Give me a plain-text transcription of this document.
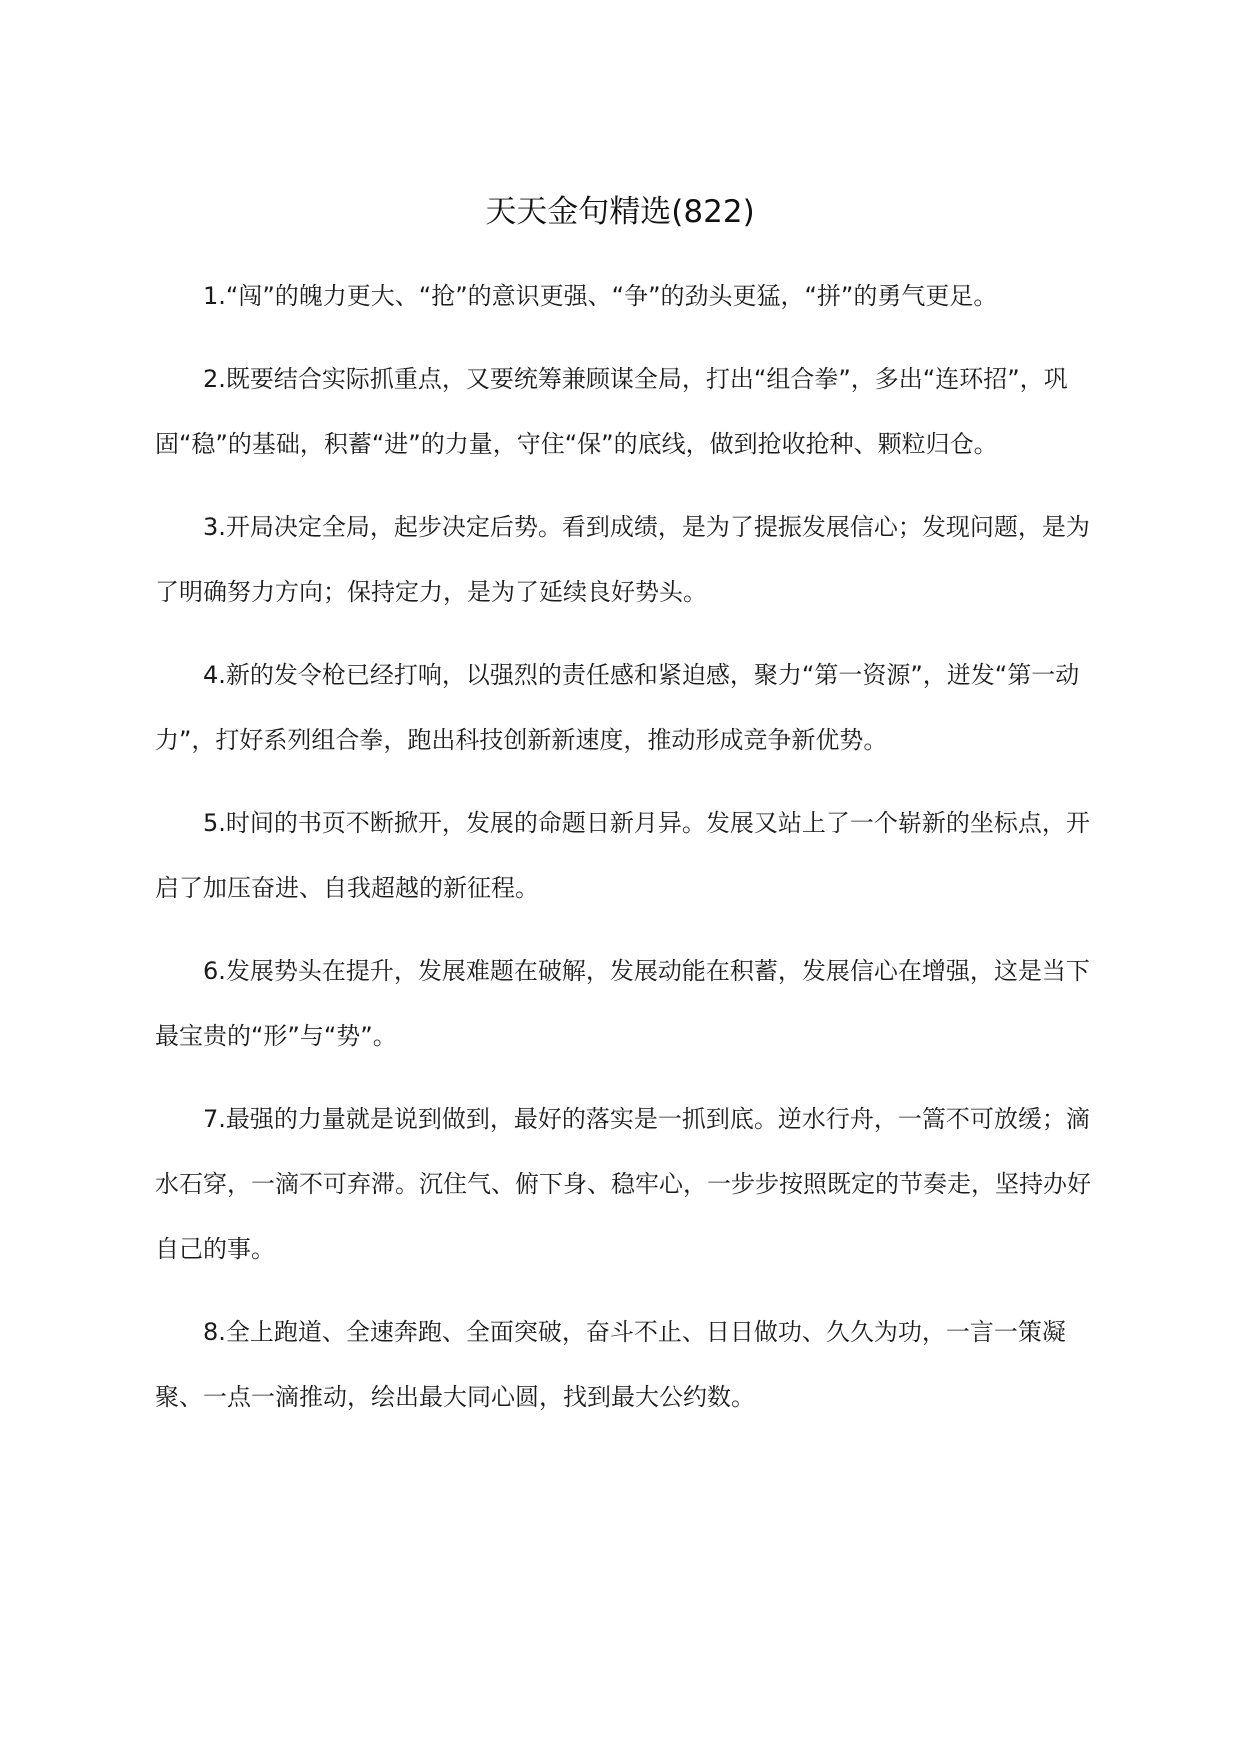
天天金句精选(822)

1.“闯”的魄力更大、“抢”的意识更强、“争”的劲头更猛，“拼”的勇气更足。

2.既要结合实际抓重点，又要统筹兼顾谋全局，打出“组合拳”，多出“连环招”，巩固“稳”的基础，积蓄“进”的力量，守住“保”的底线，做到抢收抢种、颗粒归仓。

3.开局决定全局，起步决定后势。看到成绩，是为了提振发展信心；发现问题，是为了明确努力方向；保持定力，是为了延续良好势头。

4.新的发令枪已经打响，以强烈的责任感和紧迫感，聚力“第一资源”，迸发“第一动力”，打好系列组合拳，跑出科技创新新速度，推动形成竞争新优势。

5.时间的书页不断掀开，发展的命题日新月异。发展又站上了一个崭新的坐标点，开启了加压奋进、自我超越的新征程。

6.发展势头在提升，发展难题在破解，发展动能在积蓄，发展信心在增强，这是当下最宝贵的“形”与“势”。

7.最强的力量就是说到做到，最好的落实是一抓到底。逆水行舟，一篙不可放缓；滴水石穿，一滴不可弃滞。沉住气、俯下身、稳牢心，一步步按照既定的节奏走，坚持办好自己的事。

8.全上跑道、全速奔跑、全面突破，奋斗不止、日日做功、久久为功，一言一策凝聚、一点一滴推动，绘出最大同心圆，找到最大公约数。
